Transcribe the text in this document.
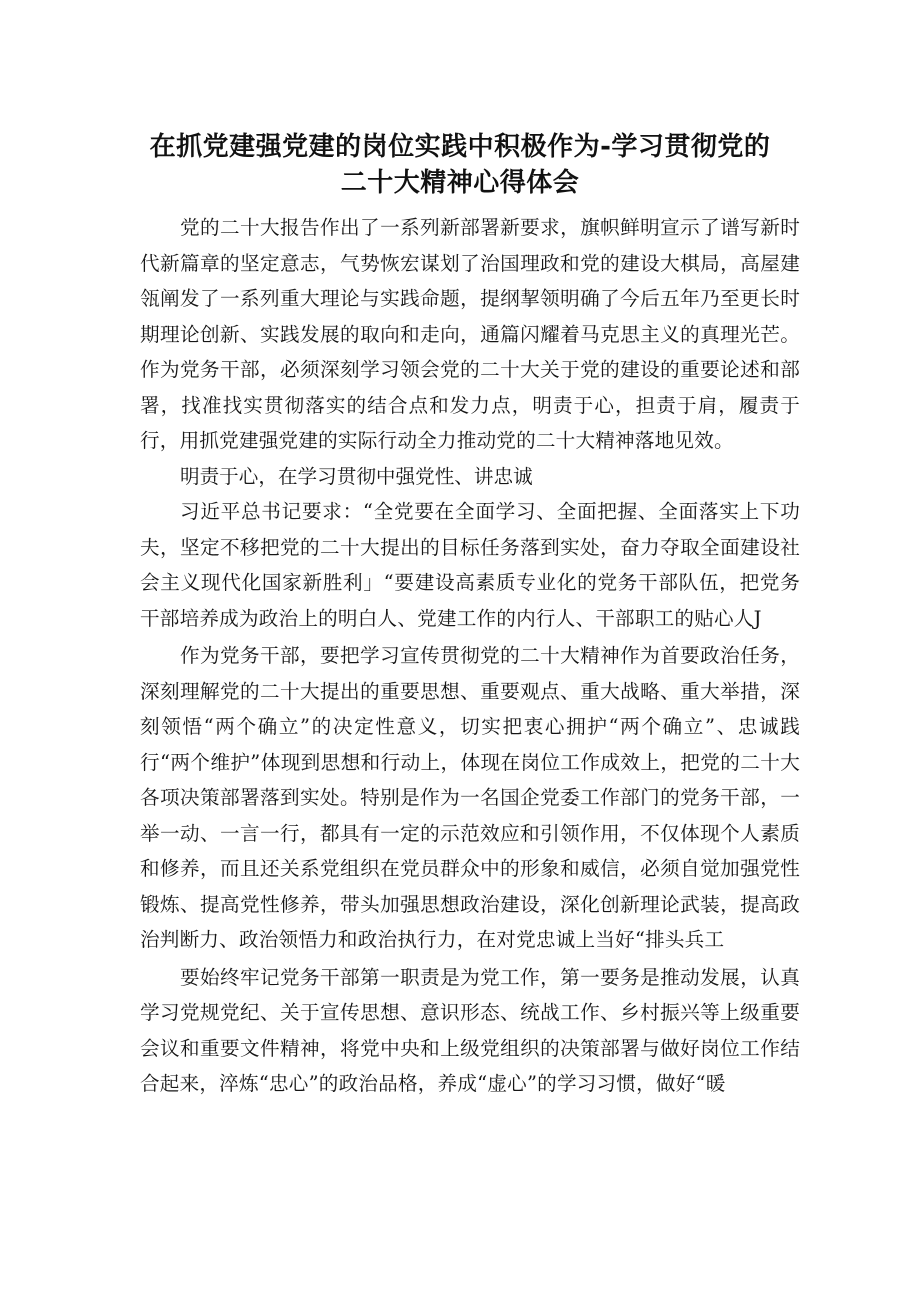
在抓党建强党建的岗位实践中积极作为-学习贯彻党的
二十大精神心得体会

党的二十大报告作出了一系列新部署新要求，旗帜鲜明宣示了谱写新时代新篇章的坚定意志，气势恢宏谋划了治国理政和党的建设大棋局，高屋建瓴阐发了一系列重大理论与实践命题，提纲挈领明确了今后五年乃至更长时期理论创新、实践发展的取向和走向，通篇闪耀着马克思主义的真理光芒。作为党务干部，必须深刻学习领会党的二十大关于党的建设的重要论述和部署，找准找实贯彻落实的结合点和发力点，明责于心，担责于肩，履责于行，用抓党建强党建的实际行动全力推动党的二十大精神落地见效。

明责于心，在学习贯彻中强党性、讲忠诚

习近平总书记要求：“全党要在全面学习、全面把握、全面落实上下功夫，坚定不移把党的二十大提出的目标任务落到实处，奋力夺取全面建设社会主义现代化国家新胜利」“要建设高素质专业化的党务干部队伍，把党务干部培养成为政治上的明白人、党建工作的内行人、干部职工的贴心人J

作为党务干部，要把学习宣传贯彻党的二十大精神作为首要政治任务，深刻理解党的二十大提出的重要思想、重要观点、重大战略、重大举措，深刻领悟“两个确立”的决定性意义，切实把衷心拥护“两个确立”、忠诚践行“两个维护”体现到思想和行动上，体现在岗位工作成效上，把党的二十大各项决策部署落到实处。特别是作为一名国企党委工作部门的党务干部，一举一动、一言一行，都具有一定的示范效应和引领作用，不仅体现个人素质和修养，而且还关系党组织在党员群众中的形象和威信，必须自觉加强党性锻炼、提高党性修养，带头加强思想政治建设，深化创新理论武装，提高政治判断力、政治领悟力和政治执行力，在对党忠诚上当好“排头兵工

要始终牢记党务干部第一职责是为党工作，第一要务是推动发展，认真学习党规党纪、关于宣传思想、意识形态、统战工作、乡村振兴等上级重要会议和重要文件精神，将党中央和上级党组织的决策部署与做好岗位工作结合起来，淬炼“忠心”的政治品格，养成“虚心”的学习习惯，做好“暖
